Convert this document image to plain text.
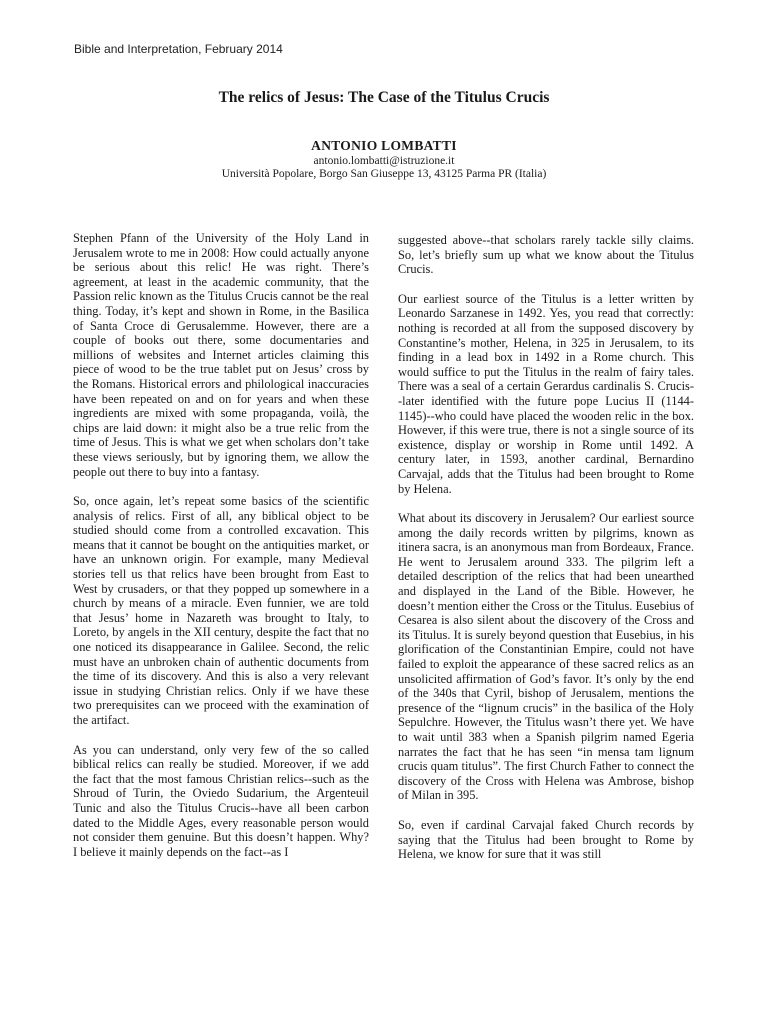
Bible and Interpretation, February 2014
The relics of Jesus: The Case of the Titulus Crucis
ANTONIO LOMBATTI
antonio.lombatti@istruzione.it
Università Popolare, Borgo San Giuseppe 13, 43125 Parma PR (Italia)

Stephen Pfann of the University of the Holy Land in Jerusalem wrote to me in 2008: How could actually anyone be serious about this relic! He was right. There’s agreement, at least in the academic community, that the Passion relic known as the Titulus Crucis cannot be the real thing. Today, it’s kept and shown in Rome, in the Basilica of Santa Croce di Gerusalemme. However, there are a couple of books out there, some documentaries and millions of websites and Internet articles claiming this piece of wood to be the true tablet put on Jesus’ cross by the Romans. Historical errors and philological inaccuracies have been repeated on and on for years and when these ingredients are mixed with some propaganda, voilà, the chips are laid down: it might also be a true relic from the time of Jesus. This is what we get when scholars don’t take these views seriously, but by ignoring them, we allow the people out there to buy into a fantasy.

So, once again, let’s repeat some basics of the scientific analysis of relics. First of all, any biblical object to be studied should come from a controlled excavation. This means that it cannot be bought on the antiquities market, or have an unknown origin. For example, many Medieval stories tell us that relics have been brought from East to West by crusaders, or that they popped up somewhere in a church by means of a miracle. Even funnier, we are told that Jesus’ home in Nazareth was brought to Italy, to Loreto, by angels in the XII century, despite the fact that no one noticed its disappearance in Galilee. Second, the relic must have an unbroken chain of authentic documents from the time of its discovery. And this is also a very relevant issue in studying Christian relics. Only if we have these two prerequisites can we proceed with the examination of the artifact.

As you can understand, only very few of the so called biblical relics can really be studied. Moreover, if we add the fact that the most famous Christian relics--such as the Shroud of Turin, the Oviedo Sudarium, the Argenteuil Tunic and also the Titulus Crucis--have all been carbon dated to the Middle Ages, every reasonable person would not consider them genuine. But this doesn’t happen. Why? I believe it mainly depends on the fact--as I

suggested above--that scholars rarely tackle silly claims. So, let’s briefly sum up what we know about the Titulus Crucis.

Our earliest source of the Titulus is a letter written by Leonardo Sarzanese in 1492. Yes, you read that correctly: nothing is recorded at all from the supposed discovery by Constantine’s mother, Helena, in 325 in Jerusalem, to its finding in a lead box in 1492 in a Rome church. This would suffice to put the Titulus in the realm of fairy tales. There was a seal of a certain Gerardus cardinalis S. Crucis--later identified with the future pope Lucius II (1144-1145)--who could have placed the wooden relic in the box. However, if this were true, there is not a single source of its existence, display or worship in Rome until 1492. A century later, in 1593, another cardinal, Bernardino Carvajal, adds that the Titulus had been brought to Rome by Helena.

What about its discovery in Jerusalem? Our earliest source among the daily records written by pilgrims, known as itinera sacra, is an anonymous man from Bordeaux, France. He went to Jerusalem around 333. The pilgrim left a detailed description of the relics that had been unearthed and displayed in the Land of the Bible. However, he doesn’t mention either the Cross or the Titulus. Eusebius of Cesarea is also silent about the discovery of the Cross and its Titulus. It is surely beyond question that Eusebius, in his glorification of the Constantinian Empire, could not have failed to exploit the appearance of these sacred relics as an unsolicited affirmation of God’s favor. It’s only by the end of the 340s that Cyril, bishop of Jerusalem, mentions the presence of the “lignum crucis” in the basilica of the Holy Sepulchre. However, the Titulus wasn’t there yet. We have to wait until 383 when a Spanish pilgrim named Egeria narrates the fact that he has seen “in mensa tam lignum crucis quam titulus”. The first Church Father to connect the discovery of the Cross with Helena was Ambrose, bishop of Milan in 395.

So, even if cardinal Carvajal faked Church records by saying that the Titulus had been brought to Rome by Helena, we know for sure that it was still
